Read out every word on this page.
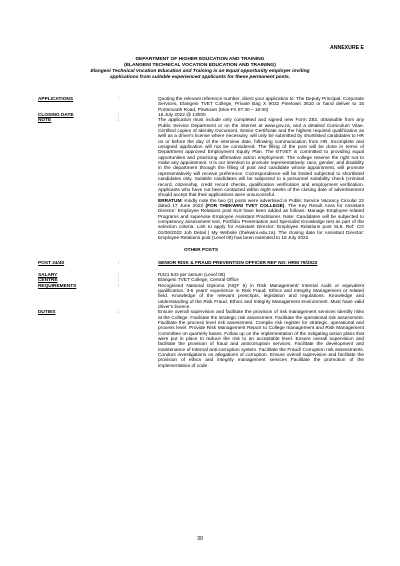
ANNEXURE E
DEPARTMENT OF HIGHER EDUCATION AND TRAINING
(ELANGENI TECHNICAL VOCATION EDUCATION AND TRAINING)
Elangeni Technical Vocation Education and Training is an Equal opportunity employer inviting
applications from suitable experienced applicants for these permanent posts.
APPLICATIONS	:	Quoting the relevant reference number, direct your application to: The Deputy Principal: Corporate Services, Elangeni TVET College, Private Bag X 9032 Pinetown 3610 or hand deliver to 15 Portsmouth Road, Pinetown (Mon-Fri 07:30 – 16:00)
CLOSING DATE	:	15 July 2022 @ 13h00
NOTE	:	The application must include only completed and signed new Form Z83, obtainable from any Public Service Department or on the internet at www.gov.za, and a detailed Curriculum Vitae. Certified copies of Identity Document, Senior Certificate and the highest required qualification as well as a driver's license where necessary, will only be submitted by shortlisted candidates to HR on or before the day of the interview date, following communication from HR. Incomplete and unsigned application will not be considered. The filling of the post will be done in terms of Department approved Employment Equity Plan. The ETVET is committed to providing equal opportunities and practicing affirmative action employment. The college reserve the right not to make any appointment. It is our intention to promote representatively: race, gender, and disability in the department through the filling of post and candidate whose appointment, will promote representatively will receive preference. Correspondence will be limited subjected to shortlisted candidates only. Suitable candidates will be subjected to a personnel suitability check (criminal record, citizenship, credit record checks, qualification verification and employment verification. Applicants who have not been contacted within eight weeks of the closing date of advertisement should accept that their applications were unsuccessful.
ERRATUM: Kindly note the two (2) posts were advertised in Public Service Vacancy Circular 22 dated 17 June 2022 (FOR THEKWINI TVET COLLEGE). The Key Result Area for Assistant Director: Employee Relations post SL9 have been added as follows: Manage Employee related Programs and supervise Employee Assistant Practitioner. Note: Candidates will be subjected to competency assessment test, Portfolio Presentation and Specialist Knowledge test as part of the selection criteria. Link to apply for Assistant Director: Employee Relations post SL9, Ref: CO 01/06/2022 Job Detail | My Website (thekwini.edu.za). The closing date for Assistant Director: Employee Relations post (Level 09) has been extended to 15 July 2022.
OTHER POSTS
POST 24/40	:	SENIOR RISK & FRAUD PREVENTION OFFICER REF NO: HRM 79/2022
SALARY	:	R321 543 per annum (Level 08)
CENTRE	:	Elangeni TVET College, Central Office
REQUIREMENTS	:	Recognised National Diploma (NQF 6) in Risk Management/ Internal Audit or equivalent qualification. 3-5 years' experience in Risk Fraud, Ethics and Integrity Management or related field. Knowledge of the relevant prescripts, legislation and regulations. Knowledge and understanding of the Risk Fraud, Ethics and Integrity Management environment. Must have valid driver's licence.
DUTIES	:	Ensure overall supervision and facilitate the provision of risk management services Identify risks at the College. Facilitate the strategic risk assessment. Facilitate the operational risk assessment. Facilitate the process level risk assessment. Compile risk register for strategic, operational and process level. Provide Risk Management Report to College management and Risk Management Committee on quarterly bases. Follow up on the implementation of the mitigating action plans that were put in place to reduce the risk to an acceptable level. Ensure overall supervision and facilitate the provision of fraud and anticorruption services. Facilitate the development and maintenance of Internal anti-corruption system. Facilitate the Fraud/ Corruption risk assessments. Conduct investigations on allegations of corruption. Ensure overall supervision and facilitate the provision of ethics and integrity management services Facilitate the promotion of the implementation of code
30
